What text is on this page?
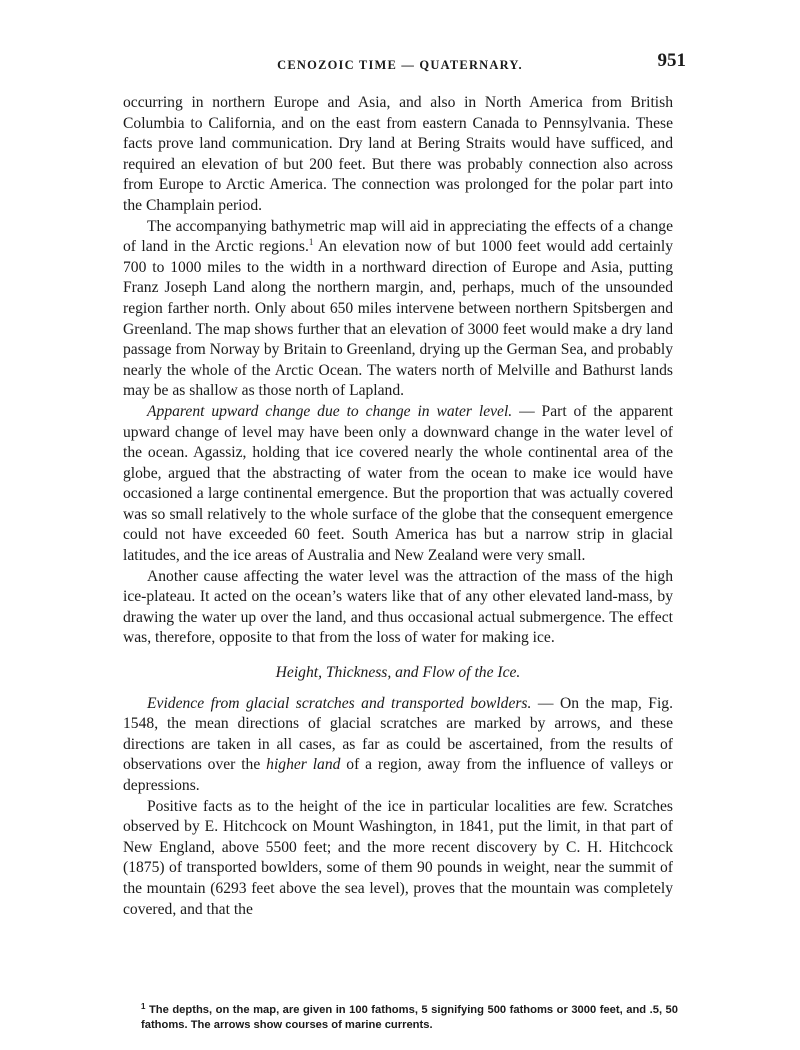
CENOZOIC TIME — QUATERNARY.	951

occurring in northern Europe and Asia, and also in North America from British Columbia to California, and on the east from eastern Canada to Pennsylvania. These facts prove land communication. Dry land at Bering Straits would have sufficed, and required an elevation of but 200 feet. But there was probably connection also across from Europe to Arctic America. The connection was prolonged for the polar part into the Champlain period.

The accompanying bathymetric map will aid in appreciating the effects of a change of land in the Arctic regions.$^1$ An elevation now of but 1000 feet would add certainly 700 to 1000 miles to the width in a northward direction of Europe and Asia, putting Franz Joseph Land along the northern margin, and, perhaps, much of the unsounded region farther north. Only about 650 miles intervene between northern Spitsbergen and Greenland. The map shows further that an elevation of 3000 feet would make a dry land passage from Norway by Britain to Greenland, drying up the German Sea, and probably nearly the whole of the Arctic Ocean. The waters north of Melville and Bathurst lands may be as shallow as those north of Lapland.

Apparent upward change due to change in water level. — Part of the apparent upward change of level may have been only a downward change in the water level of the ocean. Agassiz, holding that ice covered nearly the whole continental area of the globe, argued that the abstracting of water from the ocean to make ice would have occasioned a large continental emergence. But the proportion that was actually covered was so small relatively to the whole surface of the globe that the consequent emergence could not have exceeded 60 feet. South America has but a narrow strip in glacial latitudes, and the ice areas of Australia and New Zealand were very small.

Another cause affecting the water level was the attraction of the mass of the high ice-plateau. It acted on the ocean’s waters like that of any other elevated land-mass, by drawing the water up over the land, and thus occasional actual submergence. The effect was, therefore, opposite to that from the loss of water for making ice.

Height, Thickness, and Flow of the Ice.

Evidence from glacial scratches and transported bowlders. — On the map, Fig. 1548, the mean directions of glacial scratches are marked by arrows, and these directions are taken in all cases, as far as could be ascertained, from the results of observations over the higher land of a region, away from the influence of valleys or depressions.

Positive facts as to the height of the ice in particular localities are few. Scratches observed by E. Hitchcock on Mount Washington, in 1841, put the limit, in that part of New England, above 5500 feet; and the more recent discovery by C. H. Hitchcock (1875) of transported bowlders, some of them 90 pounds in weight, near the summit of the mountain (6293 feet above the sea level), proves that the mountain was completely covered, and that the

$^1$ The depths, on the map, are given in 100 fathoms, 5 signifying 500 fathoms or 3000 feet, and .5, 50 fathoms. The arrows show courses of marine currents.
